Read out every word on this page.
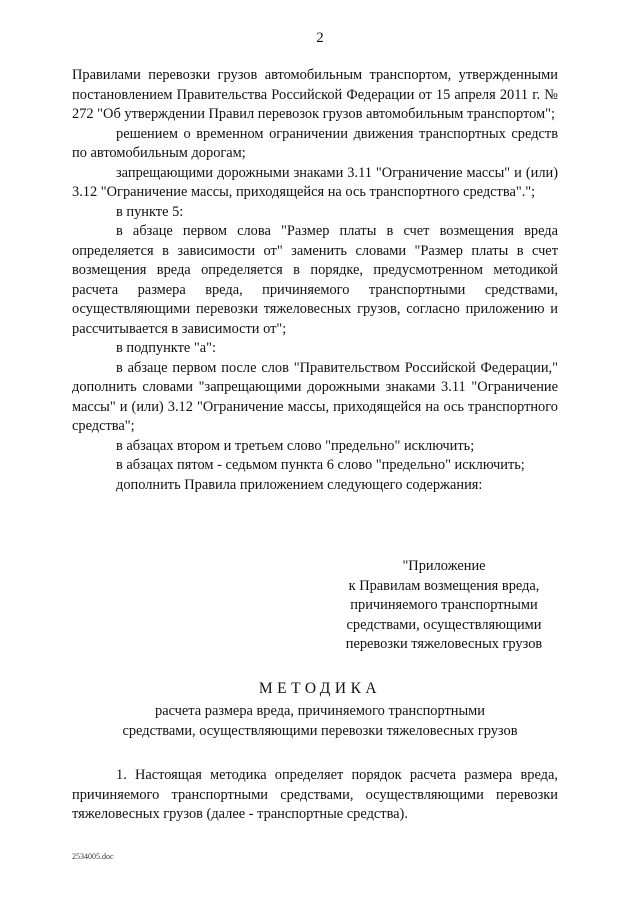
2

Правилами перевозки грузов автомобильным транспортом, утвержденными постановлением Правительства Российской Федерации от 15 апреля 2011 г. № 272 "Об утверждении Правил перевозок грузов автомобильным транспортом";

решением о временном ограничении движения транспортных средств по автомобильным дорогам;

запрещающими дорожными знаками 3.11 "Ограничение массы" и (или) 3.12 "Ограничение массы, приходящейся на ось транспортного средства".";

в пункте 5:

в абзаце первом слова "Размер платы в счет возмещения вреда определяется в зависимости от" заменить словами "Размер платы в счет возмещения вреда определяется в порядке, предусмотренном методикой расчета размера вреда, причиняемого транспортными средствами, осуществляющими перевозки тяжеловесных грузов, согласно приложению и рассчитывается в зависимости от";

в подпункте "а":

в абзаце первом после слов "Правительством Российской Федерации," дополнить словами "запрещающими дорожными знаками 3.11 "Ограничение массы" и (или) 3.12 "Ограничение массы, приходящейся на ось транспортного средства";

в абзацах втором и третьем слово "предельно" исключить;

в абзацах пятом - седьмом пункта 6 слово "предельно" исключить;

дополнить Правила приложением следующего содержания:

"Приложение
к Правилам возмещения вреда,
причиняемого транспортными
средствами, осуществляющими
перевозки тяжеловесных грузов
МЕТОДИКА
расчета размера вреда, причиняемого транспортными
средствами, осуществляющими перевозки тяжеловесных грузов

1. Настоящая методика определяет порядок расчета размера вреда, причиняемого транспортными средствами, осуществляющими перевозки тяжеловесных грузов (далее - транспортные средства).

2534005.doc
